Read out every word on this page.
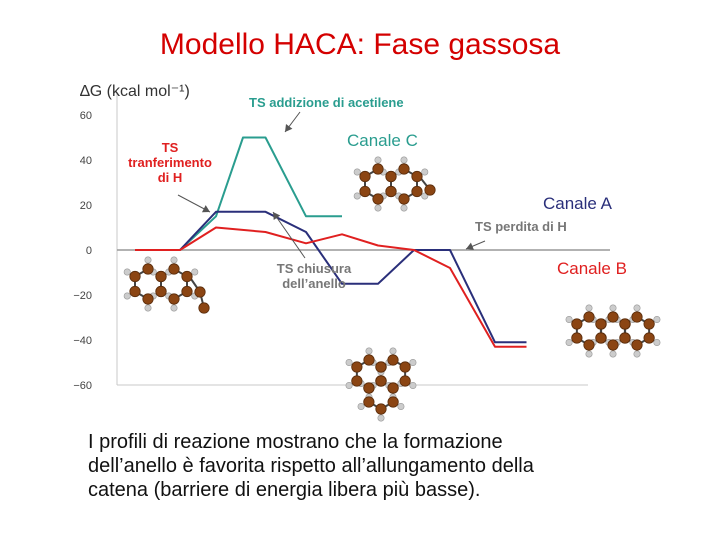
Modello HACA: Fase gassosa
∆G (kcal mol⁻¹)
60
40
20
0
−20
−40
−60
TS addizione di acetilene
TS tranferimento di H
TS chiusura dell’anello
TS perdita di H
Canale C
Canale A
Canale B
I profili di reazione mostrano che la formazione
dell’anello è favorita rispetto all’allungamento della
catena (barriere di energia libera più basse).
